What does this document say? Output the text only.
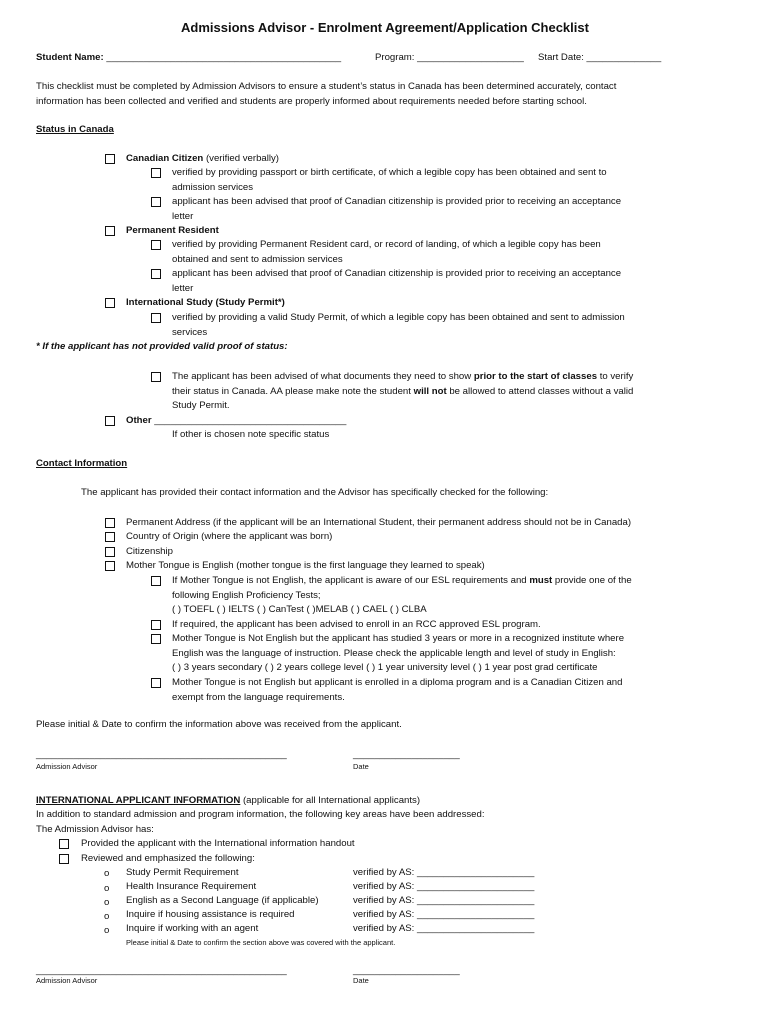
Admissions Advisor - Enrolment Agreement/Application Checklist
Student Name: ____________________________________________	Program: ____________________ Start Date: ______________
This checklist must be completed by Admission Advisors to ensure a student’s status in Canada has been determined accurately, contact
information has been collected and verified and students are properly informed about requirements needed before starting school.
Status in Canada
Canadian Citizen (verified verbally)
verified by providing passport or birth certificate, of which a legible copy has been obtained and sent to
admission services
applicant has been advised that proof of Canadian citizenship is provided prior to receiving an acceptance
letter
Permanent Resident
verified by providing Permanent Resident card, or record of landing, of which a legible copy has been
obtained and sent to admission services
applicant has been advised that proof of Canadian citizenship is provided prior to receiving an acceptance
letter
International Study (Study Permit*)
verified by providing a valid Study Permit, of which a legible copy has been obtained and sent to admission
services
* If the applicant has not provided valid proof of status:
The applicant has been advised of what documents they need to show prior to the start of classes to verify
their status in Canada. AA please make note the student will not be allowed to attend classes without a valid
Study Permit.
Other ____________________________________
If other is chosen note specific status
Contact Information
The applicant has provided their contact information and the Advisor has specifically checked for the following:
Permanent Address (if the applicant will be an International Student, their permanent address should not be in Canada)
Country of Origin (where the applicant was born)
Citizenship
Mother Tongue is English (mother tongue is the first language they learned to speak)
If Mother Tongue is not English, the applicant is aware of our ESL requirements and must provide one of the
following English Proficiency Tests;
( ) TOEFL ( ) IELTS ( ) CanTest ( )MELAB ( ) CAEL ( ) CLBA
If required, the applicant has been advised to enroll in an RCC approved ESL program.
Mother Tongue is Not English but the applicant has studied 3 years or more in a recognized institute where
English was the language of instruction. Please check the applicable length and level of study in English:
( ) 3 years secondary ( ) 2 years college level ( ) 1 year university level ( ) 1 year post grad certificate
Mother Tongue is not English but applicant is enrolled in a diploma program and is a Canadian Citizen and
exempt from the language requirements.
Please initial & Date to confirm the information above was received from the applicant.
_______________________________________________	____________________
Admission Advisor	Date
INTERNATIONAL APPLICANT INFORMATION (applicable for all International applicants)
In addition to standard admission and program information, the following key areas have been addressed:
The Admission Advisor has:
Provided the applicant with the International information handout
Reviewed and emphasized the following:
o Study Permit Requirement	verified by AS: ______________________
o Health Insurance Requirement	verified by AS: ______________________
o English as a Second Language (if applicable)	verified by AS: ______________________
o Inquire if housing assistance is required	verified by AS: ______________________
o Inquire if working with an agent	verified by AS: ______________________
Please initial & Date to confirm the section above was covered with the applicant.
_______________________________________________	____________________
Admission Advisor	Date
